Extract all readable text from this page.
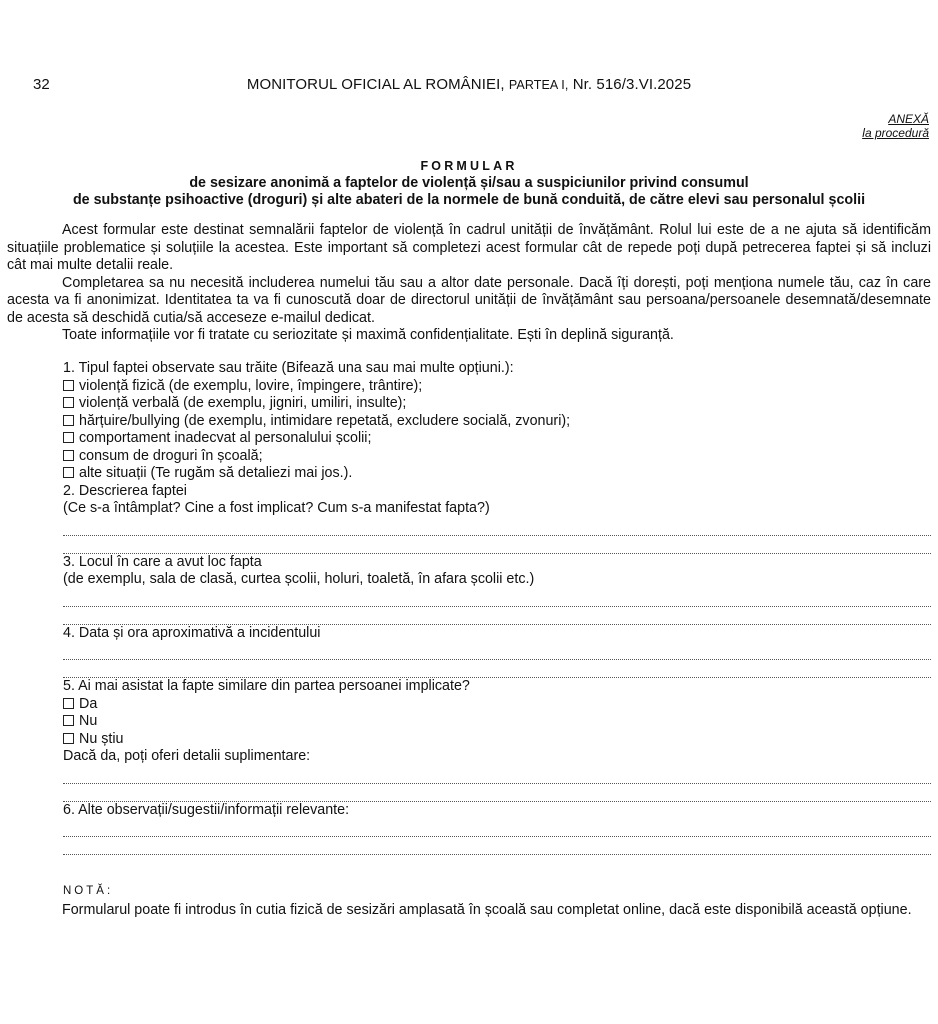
32	MONITORUL OFICIAL AL ROMÂNIEI, PARTEA I, Nr. 516/3.VI.2025
ANEXĂ
la procedură
FORMULAR
de sesizare anonimă a faptelor de violență și/sau a suspiciunilor privind consumul
de substanțe psihoactive (droguri) și alte abateri de la normele de bună conduită, de către elevi sau personalul școlii

Acest formular este destinat semnalării faptelor de violență în cadrul unității de învățământ. Rolul lui este de a ne ajuta să identificăm situațiile problematice și soluțiile la acestea. Este important să completezi acest formular cât de repede poți după petrecerea faptei și să incluzi cât mai multe detalii reale.

Completarea sa nu necesită includerea numelui tău sau a altor date personale. Dacă îți dorești, poți menționa numele tău, caz în care acesta va fi anonimizat. Identitatea ta va fi cunoscută doar de directorul unității de învățământ sau persoana/persoanele desemnată/desemnate de acesta să deschidă cutia/să acceseze e-mailul dedicat.

Toate informațiile vor fi tratate cu seriozitate și maximă confidențialitate. Ești în deplină siguranță.

1. Tipul faptei observate sau trăite (Bifează una sau mai multe opțiuni.):
violență fizică (de exemplu, lovire, împingere, trântire);
violență verbală (de exemplu, jigniri, umiliri, insulte);
hărțuire/bullying (de exemplu, intimidare repetată, excludere socială, zvonuri);
comportament inadecvat al personalului școlii;
consum de droguri în școală;
alte situații (Te rugăm să detaliezi mai jos.).
2. Descrierea faptei
(Ce s-a întâmplat? Cine a fost implicat? Cum s-a manifestat fapta?)
3. Locul în care a avut loc fapta
(de exemplu, sala de clasă, curtea școlii, holuri, toaletă, în afara școlii etc.)
4. Data și ora aproximativă a incidentului
5. Ai mai asistat la fapte similare din partea persoanei implicate?
Da
Nu
Nu știu
Dacă da, poți oferi detalii suplimentare:
6. Alte observații/sugestii/informații relevante:
NOTĂ:

Formularul poate fi introdus în cutia fizică de sesizări amplasată în școală sau completat online, dacă este disponibilă această opțiune.
